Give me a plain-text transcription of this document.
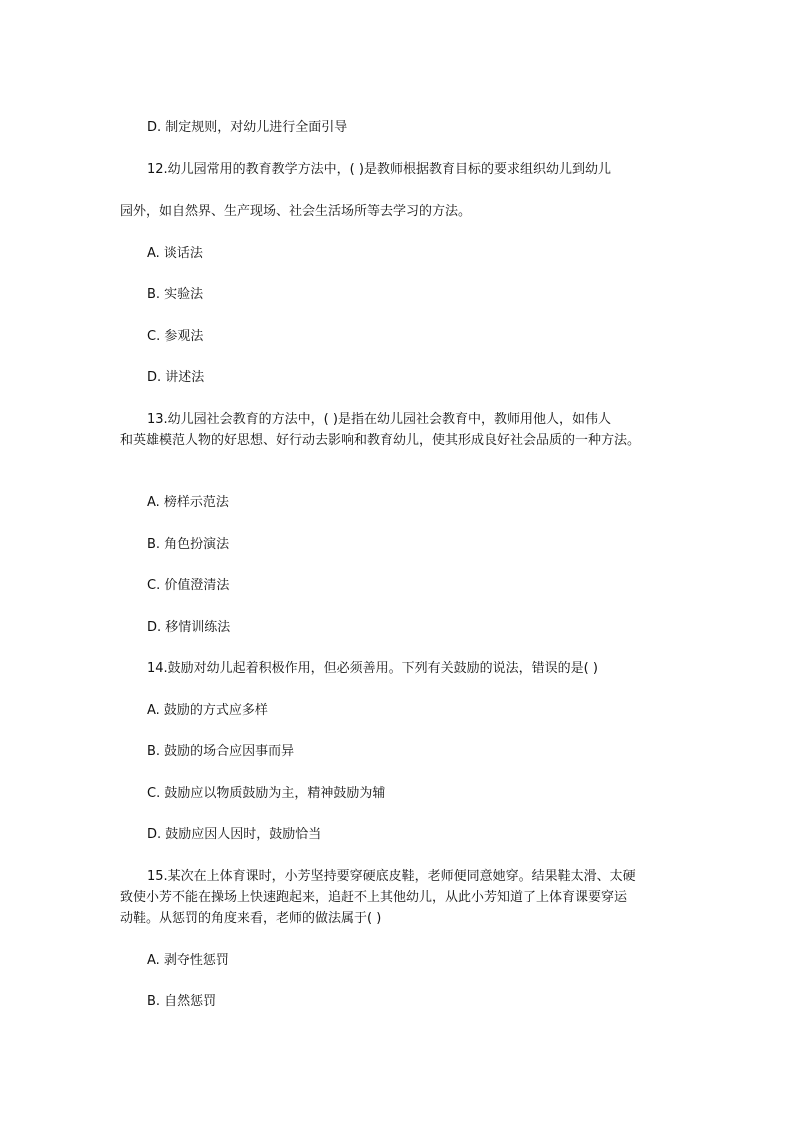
D. 制定规则，对幼儿进行全面引导
12.幼儿园常用的教育教学方法中，( )是教师根据教育目标的要求组织幼儿到幼儿
园外，如自然界、生产现场、社会生活场所等去学习的方法。
A. 谈话法
B. 实验法
C. 参观法
D. 讲述法
13.幼儿园社会教育的方法中，( )是指在幼儿园社会教育中，教师用他人，如伟人
和英雄模范人物的好思想、好行动去影响和教育幼儿，使其形成良好社会品质的一种方法。
A. 榜样示范法
B. 角色扮演法
C. 价值澄清法
D. 移情训练法
14.鼓励对幼儿起着积极作用，但必须善用。下列有关鼓励的说法，错误的是( )
A. 鼓励的方式应多样
B. 鼓励的场合应因事而异
C. 鼓励应以物质鼓励为主，精神鼓励为辅
D. 鼓励应因人因时，鼓励恰当
15.某次在上体育课时，小芳坚持要穿硬底皮鞋，老师便同意她穿。结果鞋太滑、太硬
致使小芳不能在操场上快速跑起来，追赶不上其他幼儿，从此小芳知道了上体育课要穿运
动鞋。从惩罚的角度来看，老师的做法属于( )
A. 剥夺性惩罚
B. 自然惩罚
